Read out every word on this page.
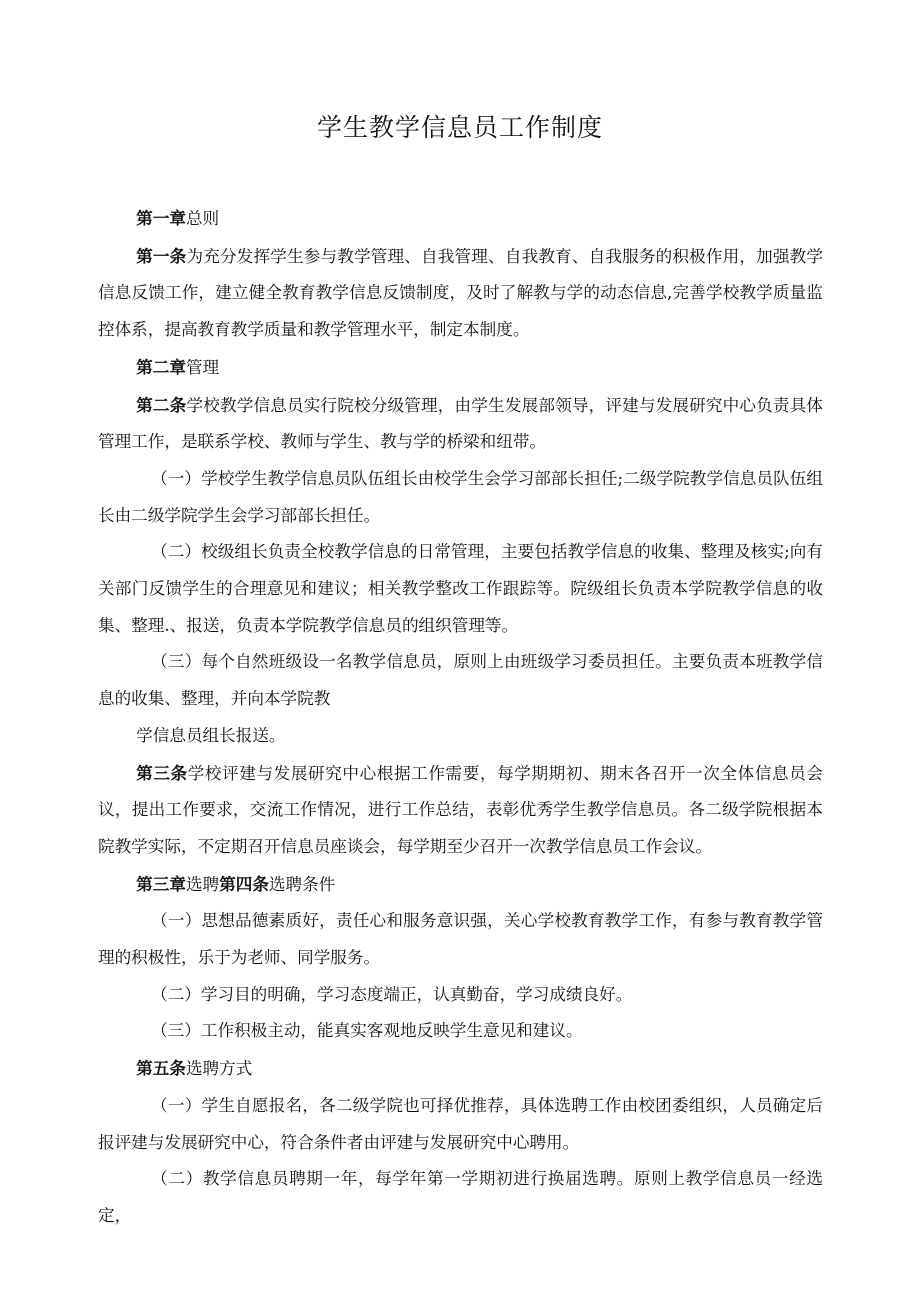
学生教学信息员工作制度

第一章总则

第一条为充分发挥学生参与教学管理、自我管理、自我教育、自我服务的积极作用，加强教学信息反馈工作，建立健全教育教学信息反馈制度，及时了解教与学的动态信息,完善学校教学质量监控体系，提高教育教学质量和教学管理水平，制定本制度。

第二章管理

第二条学校教学信息员实行院校分级管理，由学生发展部领导，评建与发展研究中心负责具体管理工作，是联系学校、教师与学生、教与学的桥梁和纽带。

（一）学校学生教学信息员队伍组长由校学生会学习部部长担任;二级学院教学信息员队伍组长由二级学院学生会学习部部长担任。

（二）校级组长负责全校教学信息的日常管理，主要包括教学信息的收集、整理及核实;向有关部门反馈学生的合理意见和建议；相关教学整改工作跟踪等。院级组长负责本学院教学信息的收集、整理.、报送，负责本学院教学信息员的组织管理等。

（三）每个自然班级设一名教学信息员，原则上由班级学习委员担任。主要负责本班教学信息的收集、整理，并向本学院教

学信息员组长报送。

第三条学校评建与发展研究中心根据工作需要，每学期期初、期末各召开一次全体信息员会议，提出工作要求，交流工作情况，进行工作总结，表彰优秀学生教学信息员。各二级学院根据本院教学实际，不定期召开信息员座谈会，每学期至少召开一次教学信息员工作会议。

第三章选聘第四条选聘条件

（一）思想品德素质好，责任心和服务意识强，关心学校教育教学工作，有参与教育教学管理的积极性，乐于为老师、同学服务。

（二）学习目的明确，学习态度端正，认真勤奋，学习成绩良好。

（三）工作积极主动，能真实客观地反映学生意见和建议。

第五条选聘方式

（一）学生自愿报名，各二级学院也可择优推荐，具体选聘工作由校团委组织，人员确定后报评建与发展研究中心，符合条件者由评建与发展研究中心聘用。

（二）教学信息员聘期一年，每学年第一学期初进行换届选聘。原则上教学信息员一经选定，
